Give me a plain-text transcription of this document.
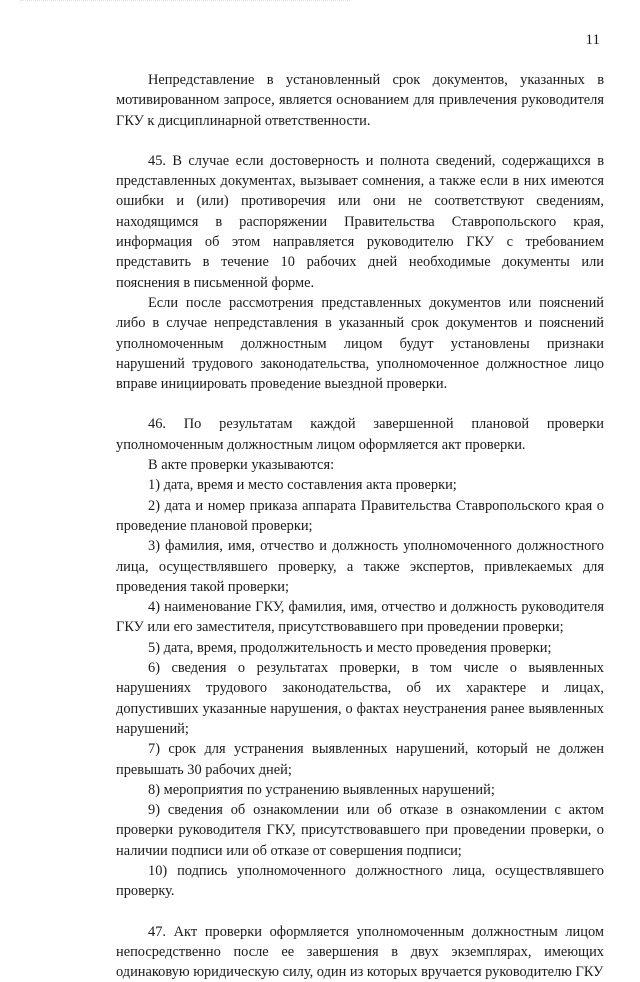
11

Непредставление в установленный срок документов, указанных в мотивированном запросе, является основанием для привлечения руководителя ГКУ к дисциплинарной ответственности.

45. В случае если достоверность и полнота сведений, содержащихся в представленных документах, вызывает сомнения, а также если в них имеются ошибки и (или) противоречия или они не соответствуют сведениям, находящимся в распоряжении Правительства Ставропольского края, информация об этом направляется руководителю ГКУ с требованием представить в течение 10 рабочих дней необходимые документы или пояснения в письменной форме.

Если после рассмотрения представленных документов или пояснений либо в случае непредставления в указанный срок документов и пояснений уполномоченным должностным лицом будут установлены признаки нарушений трудового законодательства, уполномоченное должностное лицо вправе инициировать проведение выездной проверки.

46. По результатам каждой завершенной плановой проверки уполномоченным должностным лицом оформляется акт проверки.

В акте проверки указываются:

1) дата, время и место составления акта проверки;

2) дата и номер приказа аппарата Правительства Ставропольского края о проведение плановой проверки;

3) фамилия, имя, отчество и должность уполномоченного должностного лица, осуществлявшего проверку, а также экспертов, привлекаемых для проведения такой проверки;

4) наименование ГКУ, фамилия, имя, отчество и должность руководителя ГКУ или его заместителя, присутствовавшего при проведении проверки;

5) дата, время, продолжительность и место проведения проверки;

6) сведения о результатах проверки, в том числе о выявленных нарушениях трудового законодательства, об их характере и лицах, допустивших указанные нарушения, о фактах неустранения ранее выявленных нарушений;

7) срок для устранения выявленных нарушений, который не должен превышать 30 рабочих дней;

8) мероприятия по устранению выявленных нарушений;

9) сведения об ознакомлении или об отказе в ознакомлении с актом проверки руководителя ГКУ, присутствовавшего при проведении проверки, о наличии подписи или об отказе от совершения подписи;

10) подпись уполномоченного должностного лица, осуществлявшего проверку.

47. Акт проверки оформляется уполномоченным должностным лицом непосредственно после ее завершения в двух экземплярах, имеющих одинаковую юридическую силу, один из которых вручается руководителю ГКУ
